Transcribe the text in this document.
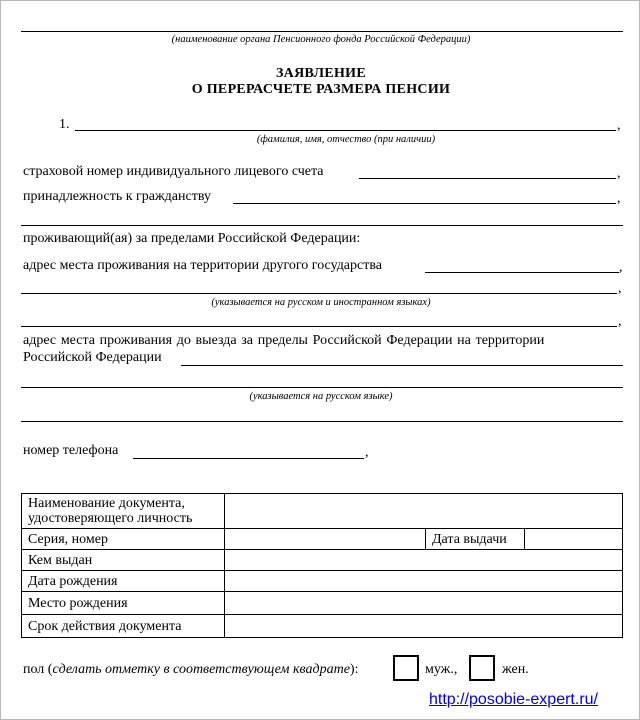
(наименование органа Пенсионного фонда Российской Федерации)
ЗАЯВЛЕНИЕ
О ПЕРЕРАСЧЕТЕ РАЗМЕРА ПЕНСИИ
1.	,
(фамилия, имя, отчество (при наличии)
страховой номер индивидуального лицевого счета	,
принадлежность к гражданству	,
проживающий(ая) за пределами Российской Федерации:
адрес места проживания на территории другого государства	,
,
(указывается на русском и иностранном языках)
,
адрес места проживания до выезда за пределы Российской Федерации на территории
Российской Федерации
(указывается на русском языке)
номер телефона	,
Наименование документа,
удостоверяющего личность			

Серия, номер		Дата выдачи	
Кем выдан			
Дата рождения			
Место рождения			
Срок действия документа			
пол (сделать отметку в соответствующем квадрате):	муж.,	жен.
http://posobie-expert.ru/
